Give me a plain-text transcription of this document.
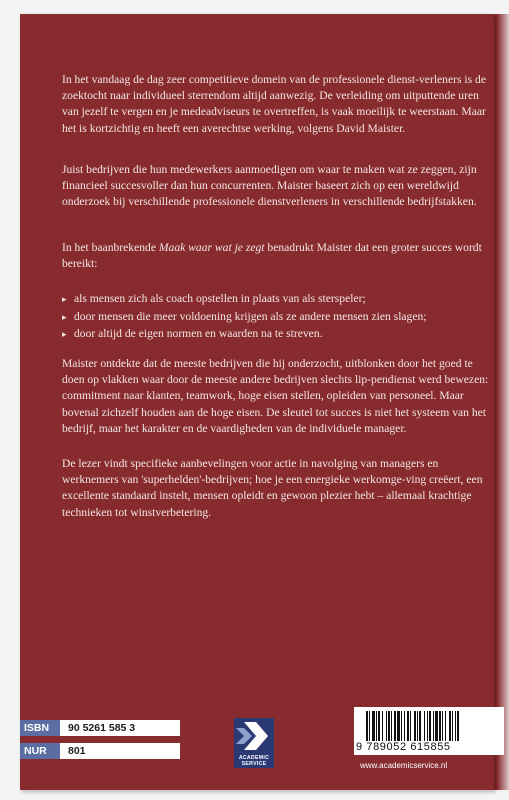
In het vandaag de dag zeer competitieve domein van de professionele dienst-verleners is de zoektocht naar individueel sterrendom altijd aanwezig. De verleiding om uitputtende uren van jezelf te vergen en je medeadviseurs te overtreffen, is vaak moeilijk te weerstaan. Maar het is kortzichtig en heeft een averechtse werking, volgens David Maister.

Juist bedrijven die hun medewerkers aanmoedigen om waar te maken wat ze zeggen, zijn financieel succesvoller dan hun concurrenten. Maister baseert zich op een wereldwijd onderzoek bij verschillende professionele dienstverleners in verschillende bedrijfstakken.

In het baanbrekende Maak waar wat je zegt benadrukt Maister dat een groter succes wordt bereikt:

▸ als mensen zich als coach opstellen in plaats van als sterspeler;
▸ door mensen die meer voldoening krijgen als ze andere mensen zien slagen;
▸ door altijd de eigen normen en waarden na te streven.

Maister ontdekte dat de meeste bedrijven die hij onderzocht, uitblonken door het goed te doen op vlakken waar door de meeste andere bedrijven slechts lip-pendienst werd bewezen: commitment naar klanten, teamwork, hoge eisen stellen, opleiden van personeel. Maar bovenal zichzelf houden aan de hoge eisen. De sleutel tot succes is niet het systeem van het bedrijf, maar het karakter en de vaardigheden van de individuele manager.

De lezer vindt specifieke aanbevelingen voor actie in navolging van managers en werknemers van 'superhelden'-bedrijven; hoe je een energieke werkomge-ving creëert, een excellente standaard instelt, mensen opleidt en gewoon plezier hebt – allemaal krachtige technieken tot winstverbetering.

ISBN	90 5261 585 3
NUR	801
ACADEMIC
SERVICE
9 789052 615855
www.academicservice.nl
